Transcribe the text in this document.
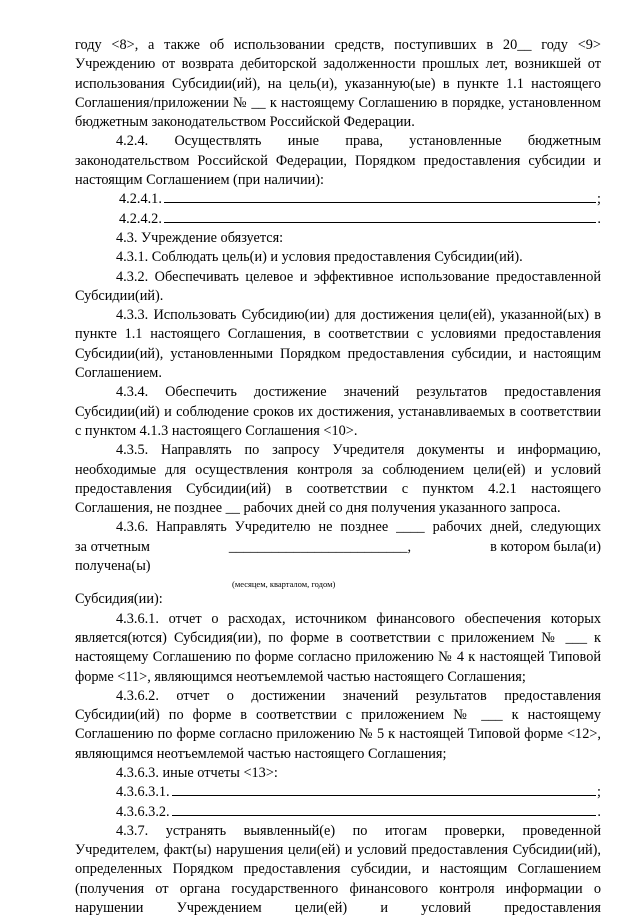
году <8>, а также об использовании средств, поступивших в 20__ году <9>

Учреждению от возврата дебиторской задолженности прошлых лет, возникшей от использования Субсидии(ий), на цель(и), указанную(ые) в пункте 1.1 настоящего Соглашения/приложении № __ к настоящему Соглашению в порядке, установленном бюджетным законодательством Российской Федерации.

4.2.4. Осуществлять иные права, установленные бюджетным законодательством Российской Федерации, Порядком предоставления субсидии и настоящим Соглашением (при наличии):

4.2.4.1.	;
4.2.4.2.	.

4.3. Учреждение обязуется:

4.3.1. Соблюдать цель(и) и условия предоставления Субсидии(ий).

4.3.2. Обеспечивать целевое и эффективное использование предоставленной Субсидии(ий).

4.3.3. Использовать Субсидию(ии) для достижения цели(ей), указанной(ых) в пункте 1.1 настоящего Соглашения, в соответствии с условиями предоставления Субсидии(ий), установленными Порядком предоставления субсидии, и настоящим Соглашением.

4.3.4. Обеспечить достижение значений результатов предоставления Субсидии(ий) и соблюдение сроков их достижения, устанавливаемых в соответствии с пунктом 4.1.3 настоящего Соглашения <10>.

4.3.5. Направлять по запросу Учредителя документы и информацию, необходимые для осуществления контроля за соблюдением цели(ей) и условий предоставления Субсидии(ий) в соответствии с пунктом 4.2.1 настоящего Соглашения, не позднее __ рабочих дней со дня получения указанного запроса.

4.3.6. Направлять Учредителю не позднее ____ рабочих дней, следующих

за отчетным	_________________________,	в котором была(и)

получена(ы)

(месяцем, кварталом, годом)

Субсидия(ии):

4.3.6.1. отчет о расходах, источником финансового обеспечения которых является(ются) Субсидия(ии), по форме в соответствии с приложением № ___ к настоящему Соглашению по форме согласно приложению № 4 к настоящей Типовой форме <11>, являющимся неотъемлемой частью настоящего Соглашения;

4.3.6.2. отчет о достижении значений результатов предоставления Субсидии(ий) по форме в соответствии с приложением № ___ к настоящему Соглашению по форме согласно приложению № 5 к настоящей Типовой форме <12>, являющимся неотъемлемой частью настоящего Соглашения;

4.3.6.3. иные отчеты <13>:

4.3.6.3.1.	;
4.3.6.3.2.	.

4.3.7. устранять выявленный(е) по итогам проверки, проведенной Учредителем, факт(ы) нарушения цели(ей) и условий предоставления Субсидии(ий), определенных Порядком предоставления субсидии, и настоящим Соглашением (получения от органа государственного финансового контроля информации о нарушении Учреждением цели(ей) и условий предоставления
